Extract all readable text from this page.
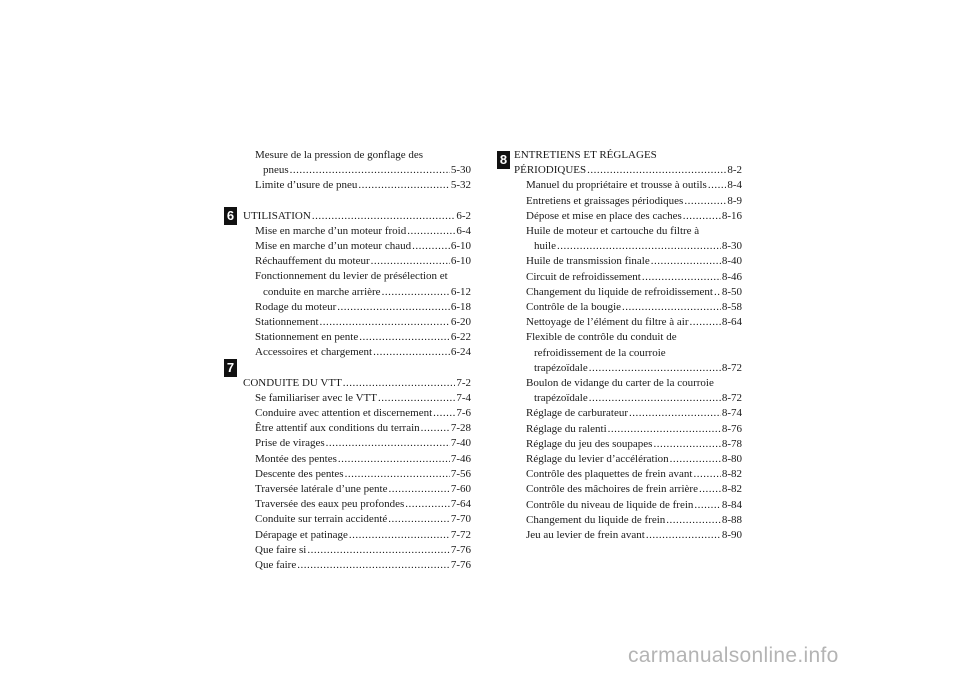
6
7
8
Mesure de la pression de gonflage des
pneus .....	5-30
Limite d’usure de pneu .....	5-32
UTILISATION .....	6-2
Mise en marche d’un moteur froid .....	6-4
Mise en marche d’un moteur chaud .....	6-10
Réchauffement du moteur .....	6-10
Fonctionnement du levier de présélection et
conduite en marche arrière .....	6-12
Rodage du moteur .....	6-18
Stationnement .....	6-20
Stationnement en pente .....	6-22
Accessoires et chargement .....	6-24
CONDUITE DU VTT .....	7-2
Se familiariser avec le VTT .....	7-4
Conduire avec attention et discernement ..... 7-6
Être attentif aux conditions du terrain .....	7-28
Prise de virages .....	7-40
Montée des pentes .....	7-46
Descente des pentes .....	7-56
Traversée latérale d’une pente .....	7-60
Traversée des eaux peu profondes .....	7-64
Conduite sur terrain accidenté .....	7-70
Dérapage et patinage .....	7-72
Que faire si .....	7-76
Que faire .....	7-76
ENTRETIENS ET RÉGLAGES
PÉRIODIQUES .....	8-2
Manuel du propriétaire et trousse à outils ..... 8-4
Entretiens et graissages périodiques .....	8-9
Dépose et mise en place des caches .....	8-16
Huile de moteur et cartouche du filtre à
huile .....	8-30
Huile de transmission finale .....	8-40
Circuit de refroidissement .....	8-46
Changement du liquide de refroidissement ..... 8-50
Contrôle de la bougie .....	8-58
Nettoyage de l’élément du filtre à air .....	8-64
Flexible de contrôle du conduit de
refroidissement de la courroie
trapézoïdale .....	8-72
Boulon de vidange du carter de la courroie
trapézoïdale .....	8-72
Réglage de carburateur .....	8-74
Réglage du ralenti .....	8-76
Réglage du jeu des soupapes .....	8-78
Réglage du levier d’accélération .....	8-80
Contrôle des plaquettes de frein avant .....	8-82
Contrôle des mâchoires de frein arrière ..... 8-82
Contrôle du niveau de liquide de frein .....	8-84
Changement du liquide de frein .....	8-88
Jeu au levier de frein avant .....	8-90
carmanualsonline.info
